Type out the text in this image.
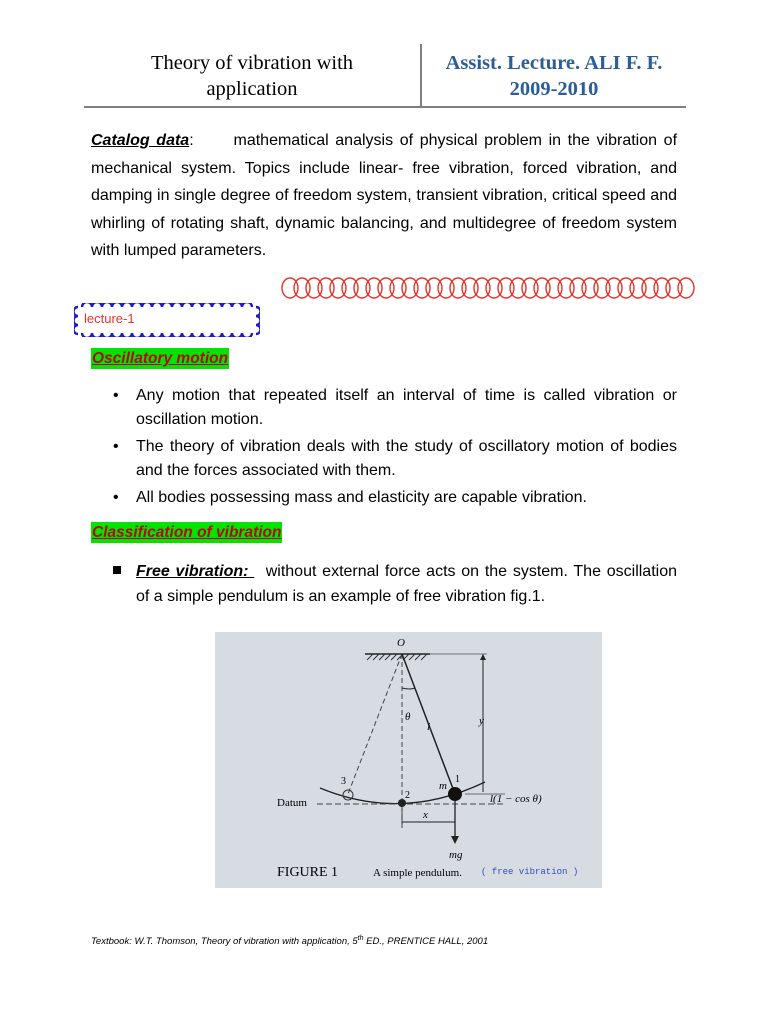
Theory of vibration with
application
Assist. Lecture. ALI F. F.
2009-2010
Catalog data: mathematical analysis of physical problem in the vibration of mechanical system. Topics include linear- free vibration, forced vibration, and damping in single degree of freedom system, transient vibration, critical speed and whirling of rotating shaft, dynamic balancing, and multidegree of freedom system with lumped parameters.
lecture-1
Oscillatory motion
• Any motion that repeated itself an interval of time is called vibration or oscillation motion.
• The theory of vibration deals with the study of oscillatory motion of bodies and the forces associated with them.
• All bodies possessing mass and elasticity are capable vibration.
Classification of vibration
Free vibration:   without external force acts on the system. The oscillation of a simple pendulum is an example of free vibration fig.1.
O
θ
l	y
1
2
3	m
Datum	l(1 − cos θ)
x
mg
FIGURE 1	A simple pendulum. ( free vibration )
Textbook: W.T. Thomson, Theory of vibration with application, 5th ED., PRENTICE HALL, 2001
